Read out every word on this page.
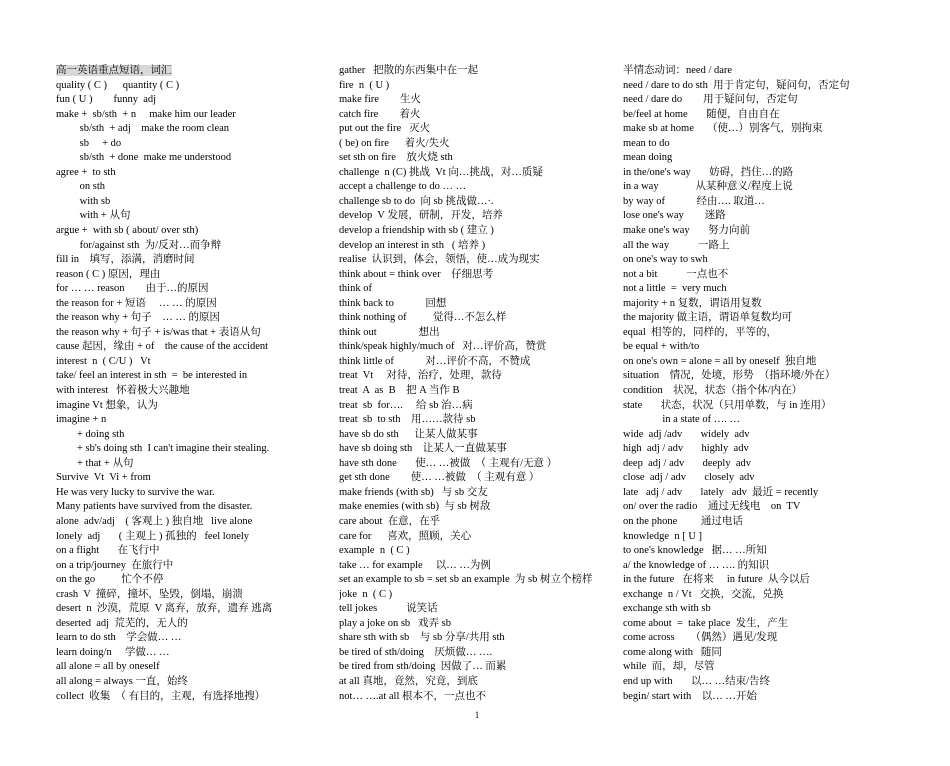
高一英语重点短语，词汇
quality ( C )      quantity ( C )
fun ( U )        funny  adj
make +  sb/sth  + n     make him our leader
sb/sth  + adj    make the room clean
sb     + do
sb/sth  + done  make me understood
agree +  to sth
on sth
with sb
with + 从句
argue +  with sb ( about/ over sth)
for/against sth  为/反对…而争辩
fill in    填写，添满，消磨时间
reason ( C ) 原因，理由
for … … reason        由于…的原因
the reason for + 短语     … … 的原因
the reason why + 句子    … … 的原因
the reason why + 句子 + is/was that + 表语从句
cause 起因，缘由 + of    the cause of the accident
interest  n  ( C/U )   Vt
take/ feel an interest in sth  =  be interested in
with interest   怀着极大兴趣地
imagine Vt 想象，认为
imagine + n
+ doing sth
+ sb's doing sth  I can't imagine their stealing.
+ that + 从句
Survive  Vt  Vi + from
He was very lucky to survive the war.
Many patients have survived from the disaster.
alone  adv/adj    ( 客观上 ) 独自地   live alone
lonely  adj       ( 主观上 ) 孤独的   feel lonely
on a flight       在飞行中
on a trip/journey  在旅行中
on the go          忙个不停
crash  V  撞碎，撞坏，坠毁，倒塌，崩溃
desert  n  沙漠，荒原  V 离弃，放弃，遗弃 逃离
deserted  adj  荒芜的，无人的
learn to do sth    学会做… …
learn doing/n     学做… …
all alone = all by oneself
all along = always 一直，始终
collect  收集  （ 有目的，主观，有选择地搜）
gather   把散的东西集中在一起
fire  n  ( U )
make fire        生火
catch fire        着火
put out the fire   灭火
( be) on fire      着火/失火
set sth on fire    放火烧 sth
challenge  n (C) 挑战  Vt 向…挑战，对…质疑
accept a challenge to do … …
challenge sb to do  向 sb 挑战做…·.
develop  V 发展，研制，开发，培养
develop a friendship with sb ( 建立 )
develop an interest in sth   ( 培养 )
realise  认识到，体会，领悟，使…成为现实
think about = think over    仔细思考
think of
think back to            回想
think nothing of          觉得…不怎么样
think out                想出
think/speak highly/much of   对…评价高，赞赏
think little of            对…评价不高，不赞成
treat  Vt     对待，治疗，处理，款待
treat  A  as  B    把 A 当作 B
treat  sb  for….     给 sb 治…病
treat  sb  to sth    用……款待 sb
have sb do sth      让某人做某事
have sb doing sth    让某人一直做某事
have sth done       使… …被做  （ 主观有/无意 ）
get sth done        使… …被做  （ 主观有意 ）
make friends (with sb)   与 sb 交友
make enemies (with sb)  与 sb 树敌
care about  在意，在乎
care for      喜欢，照顾，关心
example  n  ( C )
take … for example     以… …为例
set an example to sb = set sb an example  为 sb 树立个榜样
joke  n  ( C )
tell jokes           说笑话
play a joke on sb   戏弄 sb
share sth with sb    与 sb 分享/共用 sth
be tired of sth/doing    厌烦做… ….
be tired from sth/doing  因做了… 而累
at all 真地，竟然，究竟，到底
not… ….at all 根本不，一点也不
半情态动词：need / dare
need / dare to do sth  用于肯定句，疑问句，否定句
need / dare do        用于疑问句，否定句
be/feel at home       随便，自由自在
make sb at home     （使…）别客气，别拘束
mean to do
mean doing
in the/one's way       妨碍，挡住…的路
in a way              从某种意义/程度上说
by way of            经由…. 取道…
lose one's way        迷路
make one's way       努力向前
all the way           一路上
on one's way to swh
not a bit           一点也不
not a little  =  very much
majority + n 复数，谓语用复数
the majority 做主语，谓语单复数均可
equal  相等的，同样的，平等的，
be equal + with/to
on one's own = alone = all by oneself  独自地
situation    情况，处境，形势  （指环境/外在）
condition    状况，状态（指个体/内在）
state       状态，状况（只用单数，与 in 连用）
in a state of …. …
wide  adj /adv       widely  adv
high  adj / adv       highly  adv
deep  adj / adv       deeply  adv
close  adj / adv       closely  adv
late   adj / adv       lately   adv  最近 = recently
on/ over the radio    通过无线电    on  TV
on the phone         通过电话
knowledge  n [ U ]
to one's knowledge   据… …所知
a/ the knowledge of … …. 的知识
in the future   在将来     in future  从今以后
exchange  n / Vt   交换，交流，兑换
exchange sth with sb
come about  =  take place  发生，产生
come across      （偶然）遇见/发现
come along with   随同
while  而，却，尽管
end up with       以… …结束/告终
begin/ start with    以… …开始
1
